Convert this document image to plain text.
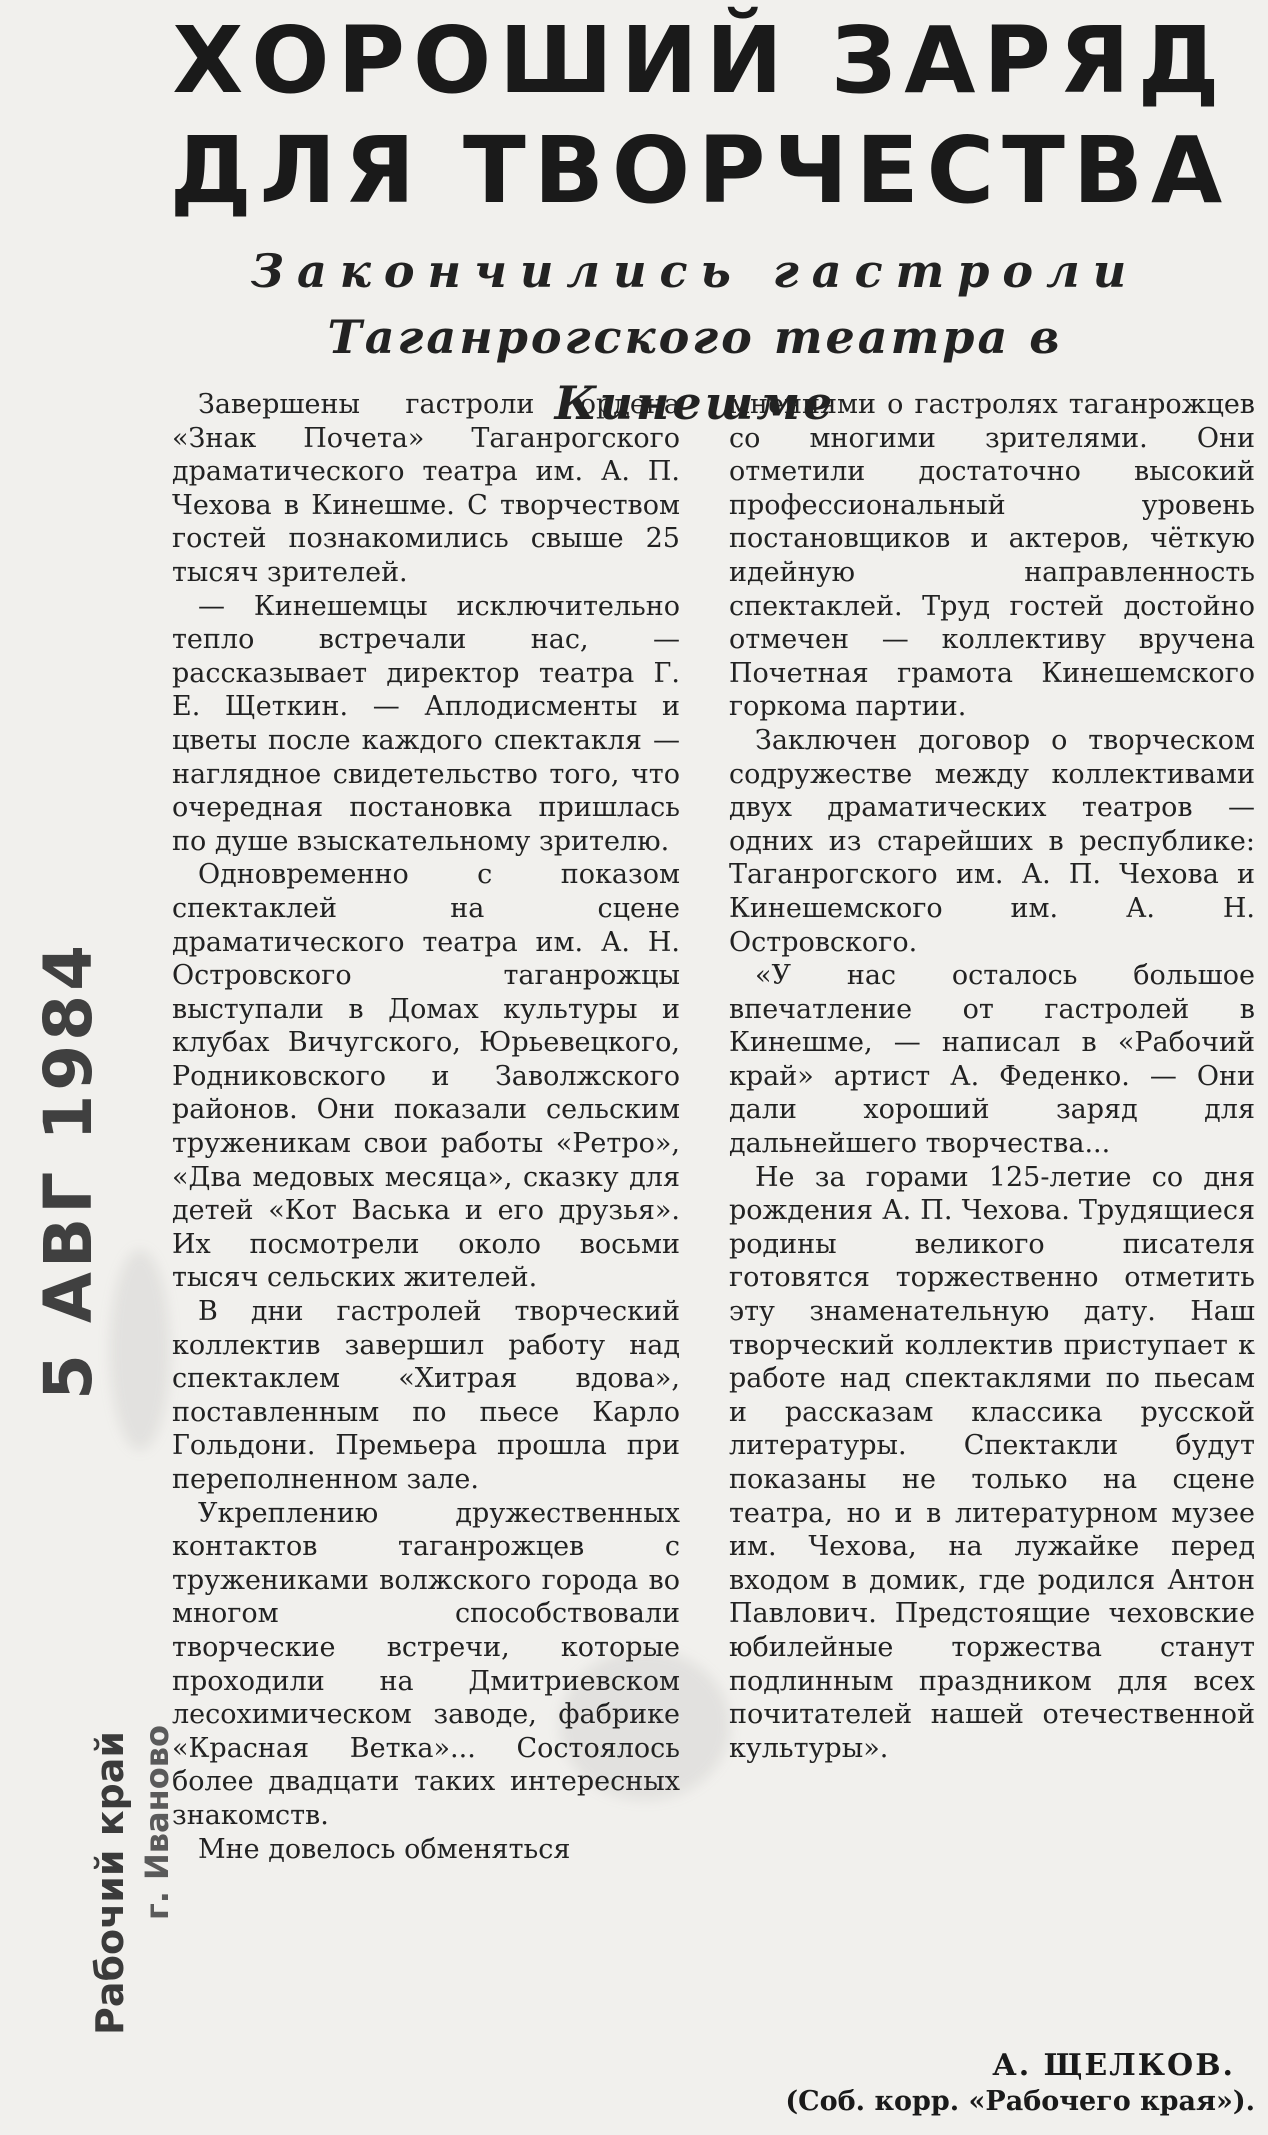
ХОРОШИЙ ЗАРЯД
ДЛЯ ТВОРЧЕСТВА
Закончились гастроли
Таганрогского театра в Кинешме

Завершены гастроли ордена «Знак Почета» Таганрогского драматического театра им. А. П. Чехова в Кинешме. С творчеством гостей познакомились свыше 25 тысяч зрителей.

— Кинешемцы исключительно тепло встречали нас, — рассказывает директор театра Г. Е. Щеткин. — Аплодисменты и цветы после каждого спектакля — наглядное свидетельство того, что очередная постановка пришлась по душе взыскательному зрителю.

Одновременно с показом спектаклей на сцене драматического театра им. А. Н. Островского таганрожцы выступали в Домах культуры и клубах Вичугского, Юрьевецкого, Родниковского и Заволжского районов. Они показали сельским труженикам свои работы «Ретро», «Два медовых месяца», сказку для детей «Кот Васька и его друзья». Их посмотрели около восьми тысяч сельских жителей.

В дни гастролей творческий коллектив завершил работу над спектаклем «Хитрая вдова», поставленным по пьесе Карло Гольдони. Премьера прошла при переполненном зале.

Укреплению дружественных контактов таганрожцев с тружениками волжского города во многом способствовали творческие встречи, которые проходили на Дмитриевском лесохимическом заводе, фабрике «Красная Ветка»... Состоялось более двадцати таких интересных знакомств.

Мне довелось обменяться

мнениями о гастролях таганрожцев со многими зрителями. Они отметили достаточно высокий профессиональный уровень постановщиков и актеров, чёткую идейную направленность спектаклей. Труд гостей достойно отмечен — коллективу вручена Почетная грамота Кинешемского горкома партии.

Заключен договор о творческом содружестве между коллективами двух драматических театров — одних из старейших в республике: Таганрогского им. А. П. Чехова и Кинешемского им. А. Н. Островского.

«У нас осталось большое впечатление от гастролей в Кинешме, — написал в «Рабочий край» артист А. Феденко. — Они дали хороший заряд для дальнейшего творчества...

Не за горами 125-летие со дня рождения А. П. Чехова. Трудящиеся родины великого писателя готовятся торжественно отметить эту знаменательную дату. Наш творческий коллектив приступает к работе над спектаклями по пьесам и рассказам классика русской литературы. Спектакли будут показаны не только на сцене театра, но и в литературном музее им. Чехова, на лужайке перед входом в домик, где родился Антон Павлович. Предстоящие чеховские юбилейные торжества станут подлинным праздником для всех почитателей нашей отечественной культуры».

А. ЩЕЛКОВ.
(Соб. корр. «Рабочего края»).
5 АВГ 1984
Рабочий край г. Иваново
